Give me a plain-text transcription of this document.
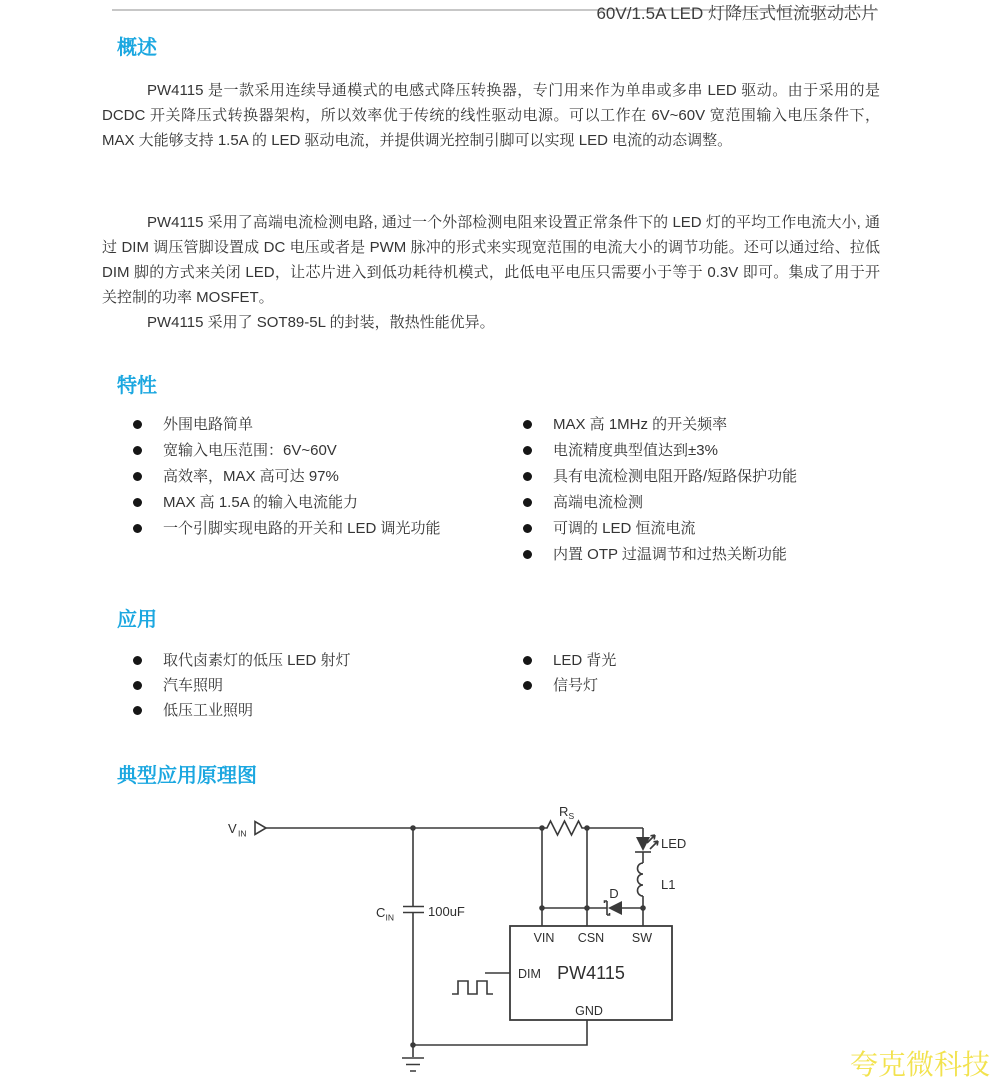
60V/1.5A LED 灯降压式恒流驱动芯片
概述

PW4115 是一款采用连续导通模式的电感式降压转换器，专门用来作为单串或多串 LED 驱动。由于采用的是 DCDC 开关降压式转换器架构，所以效率优于传统的线性驱动电源。可以工作在 6V~60V 宽范围输入电压条件下，MAX 大能够支持 1.5A 的 LED 驱动电流，并提供调光控制引脚可以实现 LED 电流的动态调整。

PW4115 采用了高端电流检测电路, 通过一个外部检测电阻来设置正常条件下的 LED 灯的平均工作电流大小, 通过 DIM 调压管脚设置成 DC 电压或者是 PWM 脉冲的形式来实现宽范围的电流大小的调节功能。还可以通过给、拉低 DIM 脚的方式来关闭 LED，让芯片进入到低功耗待机模式，此低电平电压只需要小于等于 0.3V 即可。集成了用于开关控制的功率 MOSFET。

PW4115 采用了 SOT89-5L 的封装，散热性能优异。

特性
外围电路简单
宽输入电压范围：6V~60V
高效率，MAX 高可达 97%
MAX 高 1.5A 的输入电流能力
一个引脚实现电路的开关和 LED 调光功能
MAX 高 1MHz 的开关频率
电流精度典型值达到±3%
具有电流检测电阻开路/短路保护功能
高端电流检测
可调的 LED 恒流电流
内置 OTP 过温调节和过热关断功能
应用
取代卤素灯的低压 LED 射灯
汽车照明
低压工业照明
LED 背光
信号灯
典型应用原理图
V IN
R S
LED
L1
D
C IN	100uF
VIN CSN SW
DIM PW4115
GND
夸克微科技
